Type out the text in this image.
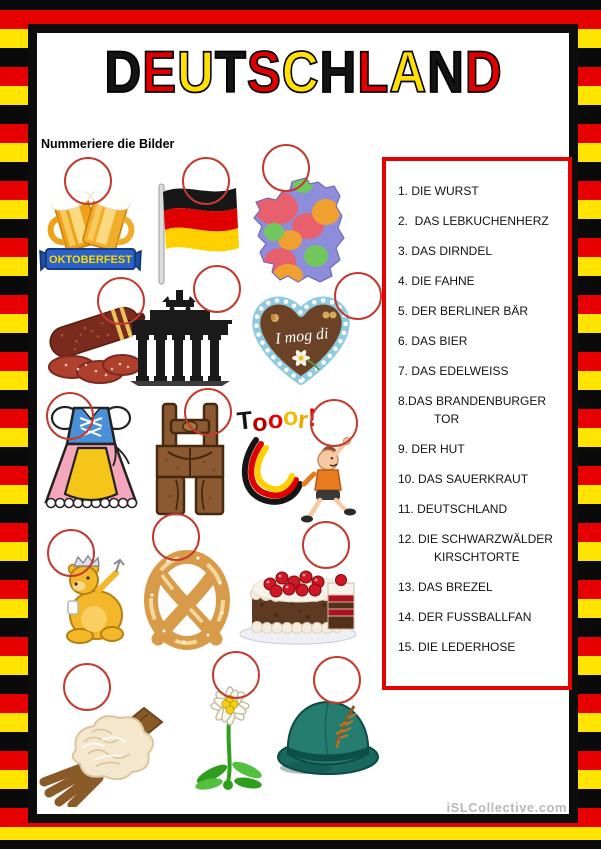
DEUTSCHLAND
Nummeriere die Bilder
OKTOBERFEST
I mog di
Tooor!
1. DIE WURST
2.  DAS LEBKUCHENHERZ
3. DAS DIRNDEL
4. DIE FAHNE
5. DER BERLINER BÄR
6. DAS BIER
7. DAS EDELWEISS
8.DAS BRANDENBURGER
TOR
9. DER HUT
10. DAS SAUERKRAUT
11. DEUTSCHLAND
12. DIE SCHWARZWÄLDER
KIRSCHTORTE
13. DAS BREZEL
14. DER FUSSBALLFAN
15. DIE LEDERHOSE
iSLCollective.com
